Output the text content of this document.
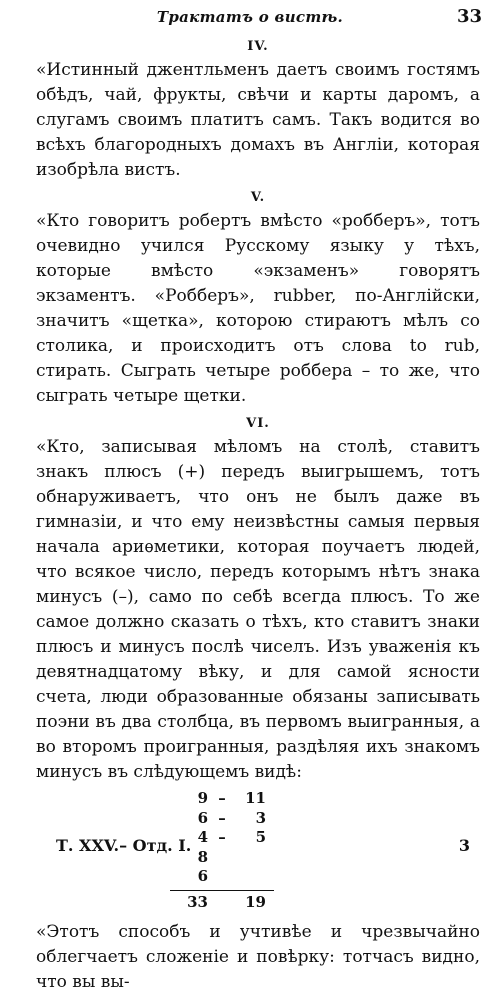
Трактатъ о вистѣ.	33
IV.

«Истинный джентльменъ даетъ своимъ гостямъ обѣдъ, чай, фрукты, свѣчи и карты даромъ, а слугамъ своимъ платитъ самъ. Такъ водится во всѣхъ благородныхъ домахъ въ Англіи, которая изобрѣла вистъ.

V.

«Кто говоритъ робертъ вмѣсто «роббeръ», тотъ очевидно учился Русскому языку у тѣхъ, которые вмѣсто «экзаменъ» говорятъ экзаментъ. «Роббeръ», rubber, по-Англійски, значитъ «щетка», которою стираютъ мѣлъ со столика, и происходитъ отъ слова to rub, стирать. Сыграть четыре роббера – то же, что сыграть четыре щетки.

VI.

«Кто, записывая мѣломъ на столѣ, ставитъ знакъ плюсъ (+) передъ выигрышемъ, тотъ обнаруживаетъ, что онъ не былъ даже въ гимназіи, и что ему неизвѣстны самыя первыя начала ариѳметики, которая поучаетъ людей, что всякое число, передъ которымъ нѣтъ знака минусъ (–), само по себѣ всегда плюсъ. То же самое должно сказать о тѣхъ, кто ставитъ знаки плюсъ и минусъ послѣ чиселъ. Изъ уваженія къ девятнадцатому вѣку, и для самой ясности счета, люди образованные обязаны записывать поэни въ два столбца, въ первомъ выигранныя, а во второмъ проигранныя, раздѣляя ихъ знакомъ минусъ въ слѣдующемъ видѣ:

9 –	11
6 –	3
4 –	5
8
6
33	19

«Этотъ способъ и учтивѣе и чрезвычайно облегчаетъ сложеніе и повѣрку: тотчасъ видно, что вы вы-

Т. XXV.– Отд. I.	3
